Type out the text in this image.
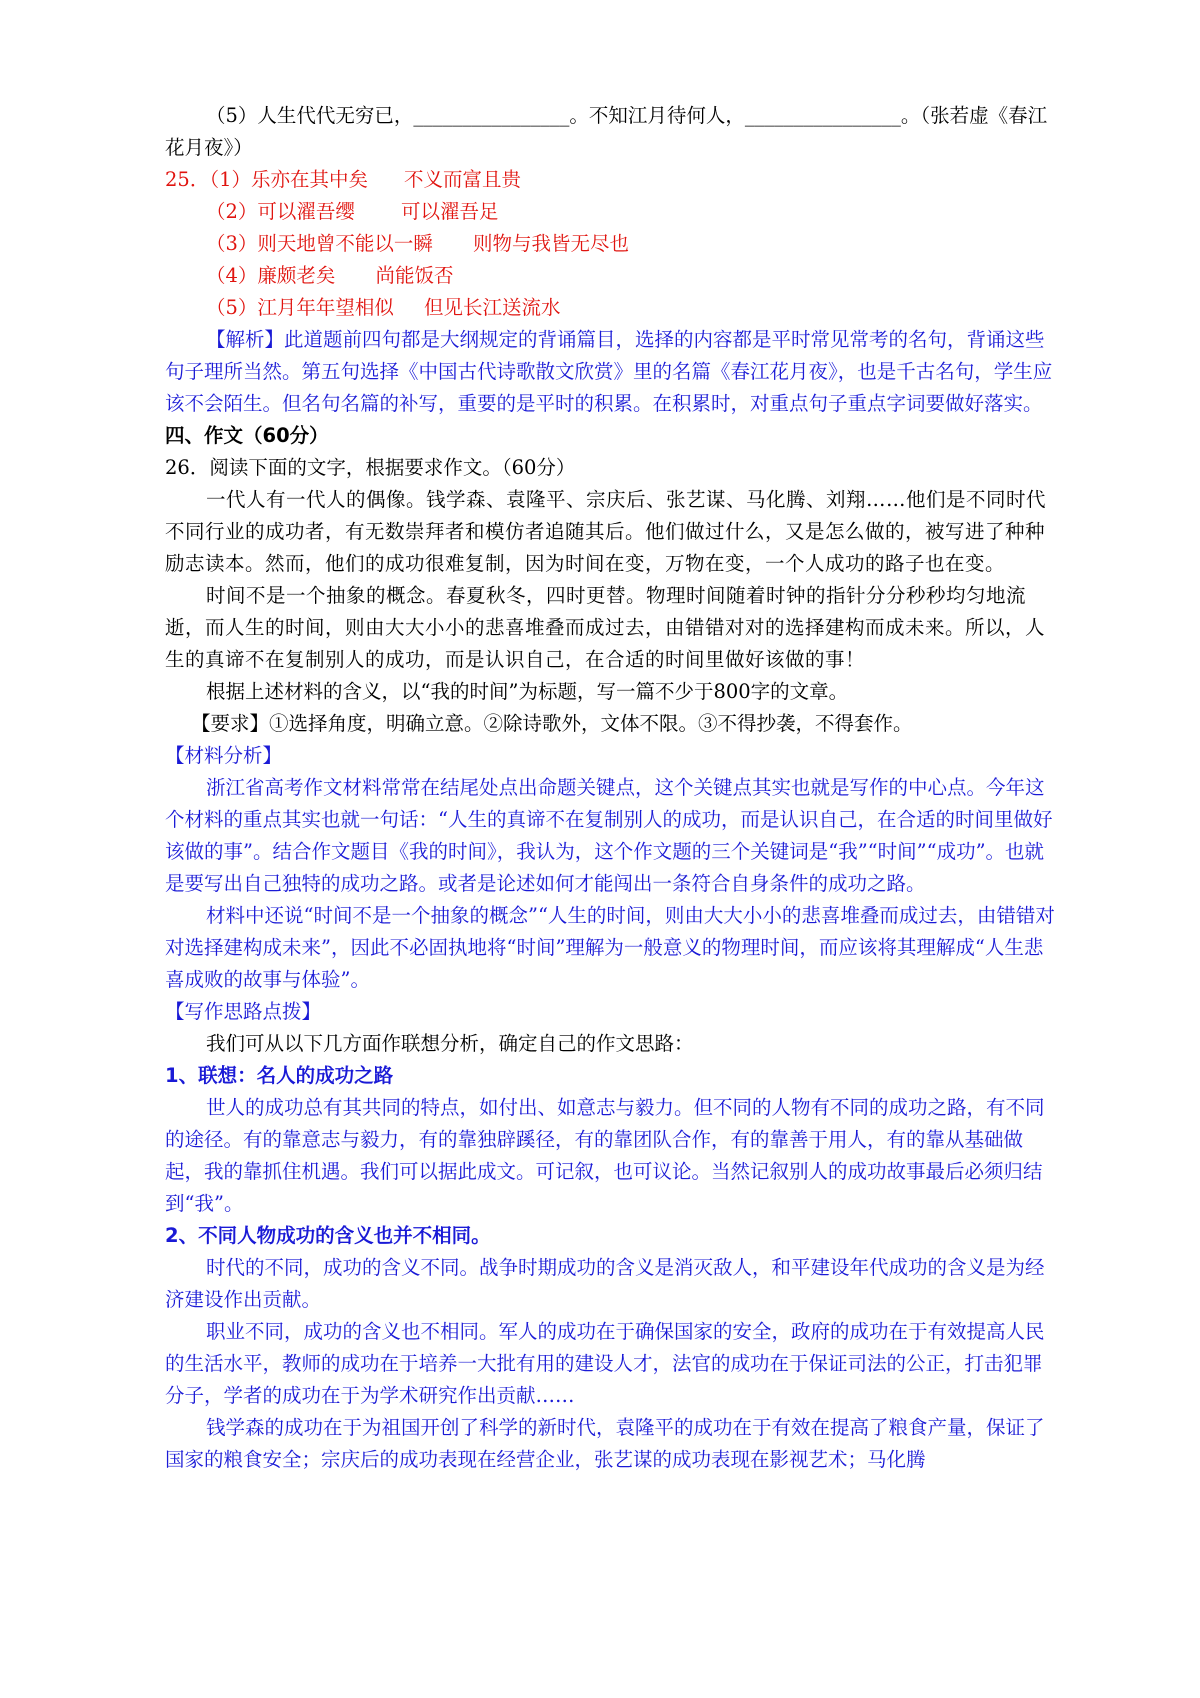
（5）人生代代无穷已，________________。不知江月待何人，________________。（张若虚《春江花月夜》）

25．（1）乐亦在其中矣 不义而富且贵

（2）可以濯吾缨 可以濯吾足

（3）则天地曾不能以一瞬 则物与我皆无尽也

（4）廉颇老矣 尚能饭否

（5）江月年年望相似 但见长江送流水

【解析】此道题前四句都是大纲规定的背诵篇目，选择的内容都是平时常见常考的名句，背诵这些句子理所当然。第五句选择《中国古代诗歌散文欣赏》里的名篇《春江花月夜》，也是千古名句，学生应该不会陌生。但名句名篇的补写，重要的是平时的积累。在积累时，对重点句子重点字词要做好落实。

四、作文（60分）

26．阅读下面的文字，根据要求作文。（60分）

一代人有一代人的偶像。钱学森、袁隆平、宗庆后、张艺谋、马化腾、刘翔……他们是不同时代不同行业的成功者，有无数崇拜者和模仿者追随其后。他们做过什么，又是怎么做的，被写进了种种励志读本。然而，他们的成功很难复制，因为时间在变，万物在变，一个人成功的路子也在变。

时间不是一个抽象的概念。春夏秋冬，四时更替。物理时间随着时钟的指针分分秒秒均匀地流逝，而人生的时间，则由大大小小的悲喜堆叠而成过去，由错错对对的选择建构而成未来。所以，人生的真谛不在复制别人的成功，而是认识自己，在合适的时间里做好该做的事！

根据上述材料的含义，以“我的时间”为标题，写一篇不少于800字的文章。

【要求】①选择角度，明确立意。②除诗歌外，文体不限。③不得抄袭，不得套作。

【材料分析】

浙江省高考作文材料常常在结尾处点出命题关键点，这个关键点其实也就是写作的中心点。今年这个材料的重点其实也就一句话：“人生的真谛不在复制别人的成功，而是认识自己，在合适的时间里做好该做的事”。结合作文题目《我的时间》，我认为，这个作文题的三个关键词是“我”“时间”“成功”。也就是要写出自己独特的成功之路。或者是论述如何才能闯出一条符合自身条件的成功之路。

材料中还说“时间不是一个抽象的概念”“人生的时间，则由大大小小的悲喜堆叠而成过去，由错错对对选择建构成未来”，因此不必固执地将“时间”理解为一般意义的物理时间，而应该将其理解成“人生悲喜成败的故事与体验”。

【写作思路点拨】

我们可从以下几方面作联想分析，确定自己的作文思路：

1、联想：名人的成功之路

世人的成功总有其共同的特点，如付出、如意志与毅力。但不同的人物有不同的成功之路，有不同的途径。有的靠意志与毅力，有的靠独辟蹊径，有的靠团队合作，有的靠善于用人，有的靠从基础做起，我的靠抓住机遇。我们可以据此成文。可记叙，也可议论。当然记叙别人的成功故事最后必须归结到“我”。

2、不同人物成功的含义也并不相同。

时代的不同，成功的含义不同。战争时期成功的含义是消灭敌人，和平建设年代成功的含义是为经济建设作出贡献。

职业不同，成功的含义也不相同。军人的成功在于确保国家的安全，政府的成功在于有效提高人民的生活水平，教师的成功在于培养一大批有用的建设人才，法官的成功在于保证司法的公正，打击犯罪分子，学者的成功在于为学术研究作出贡献……

钱学森的成功在于为祖国开创了科学的新时代，袁隆平的成功在于有效在提高了粮食产量，保证了国家的粮食安全；宗庆后的成功表现在经营企业，张艺谋的成功表现在影视艺术；马化腾
